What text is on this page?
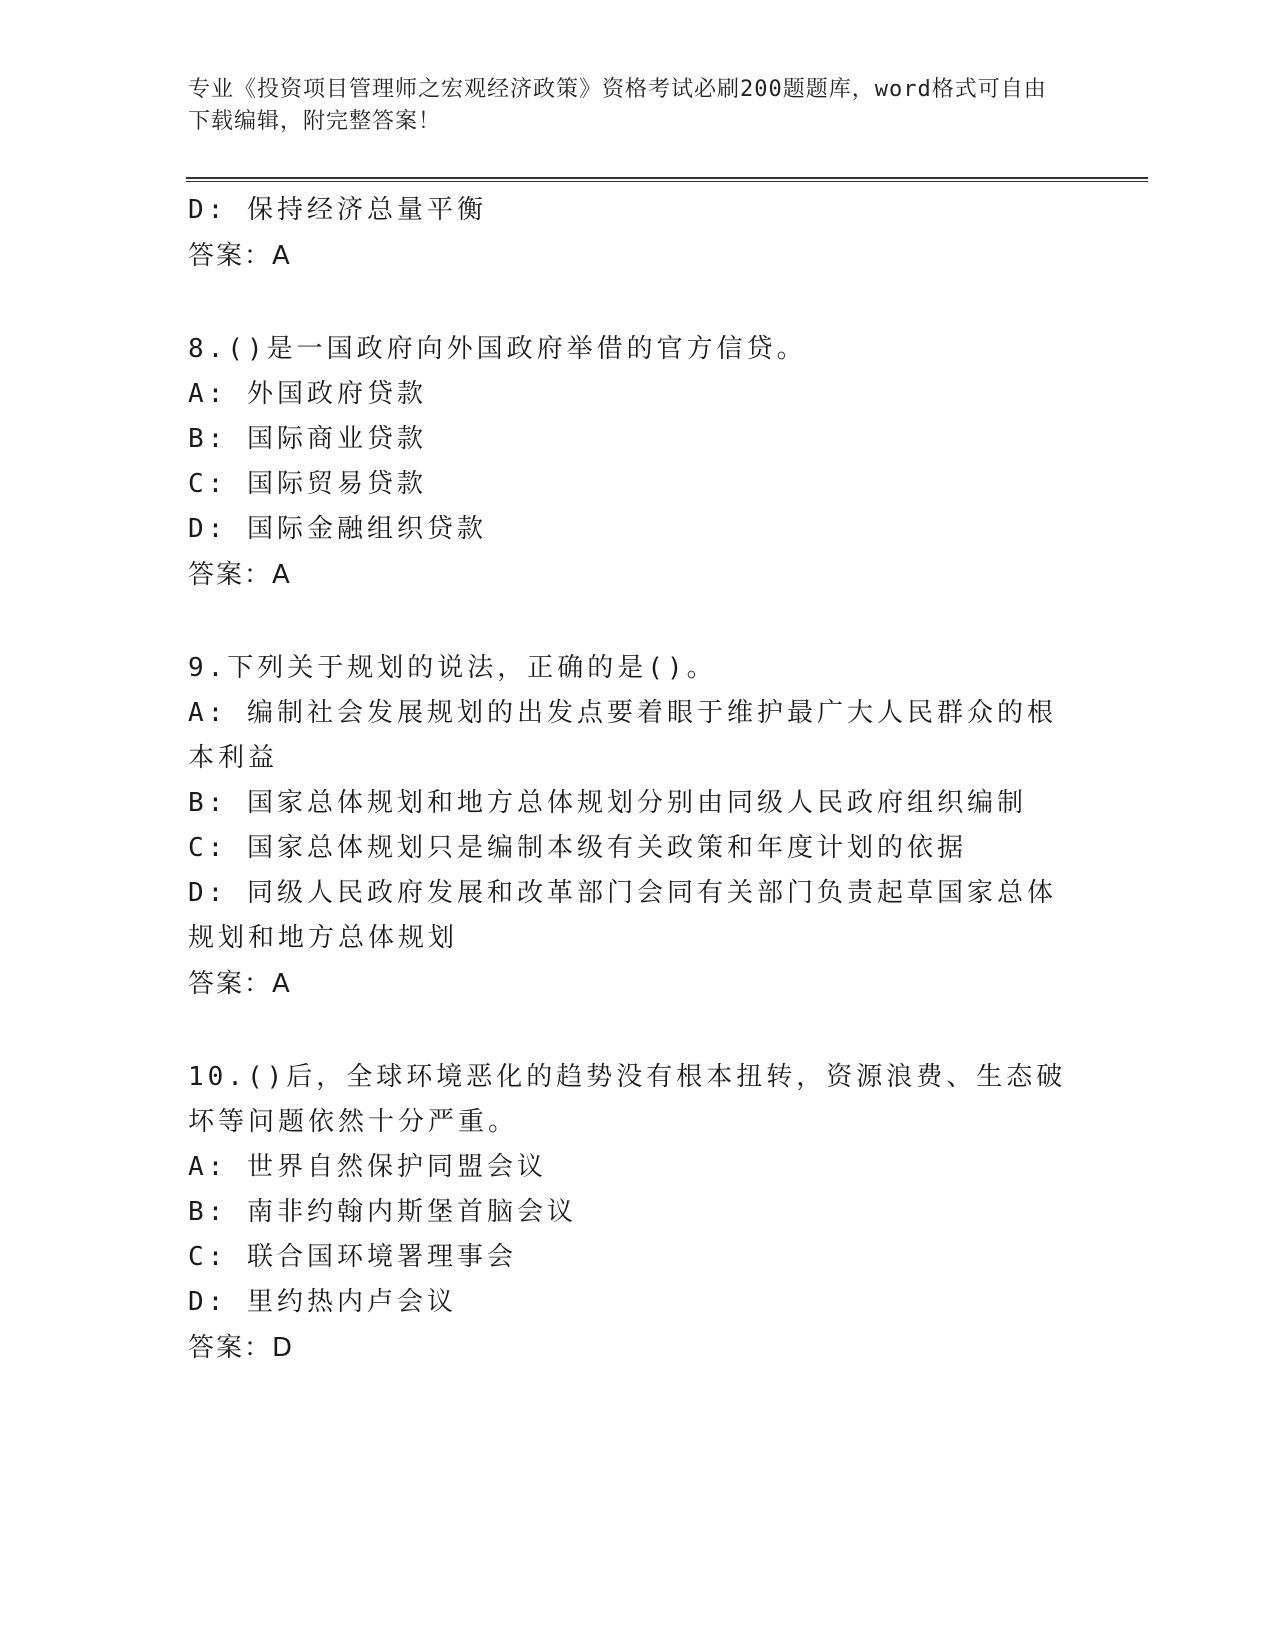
专业《投资项目管理师之宏观经济政策》资格考试必刷200题题库，word格式可自由下载编辑，附完整答案！
D: 保持经济总量平衡
答案：A
8.()是一国政府向外国政府举借的官方信贷。
A: 外国政府贷款
B: 国际商业贷款
C: 国际贸易贷款
D: 国际金融组织贷款
答案：A
9.下列关于规划的说法，正确的是()。
A: 编制社会发展规划的出发点要着眼于维护最广大人民群众的根本利益
B: 国家总体规划和地方总体规划分别由同级人民政府组织编制
C: 国家总体规划只是编制本级有关政策和年度计划的依据
D: 同级人民政府发展和改革部门会同有关部门负责起草国家总体规划和地方总体规划
答案：A
10.()后，全球环境恶化的趋势没有根本扭转，资源浪费、生态破坏等问题依然十分严重。
A: 世界自然保护同盟会议
B: 南非约翰内斯堡首脑会议
C: 联合国环境署理事会
D: 里约热内卢会议
答案：D
